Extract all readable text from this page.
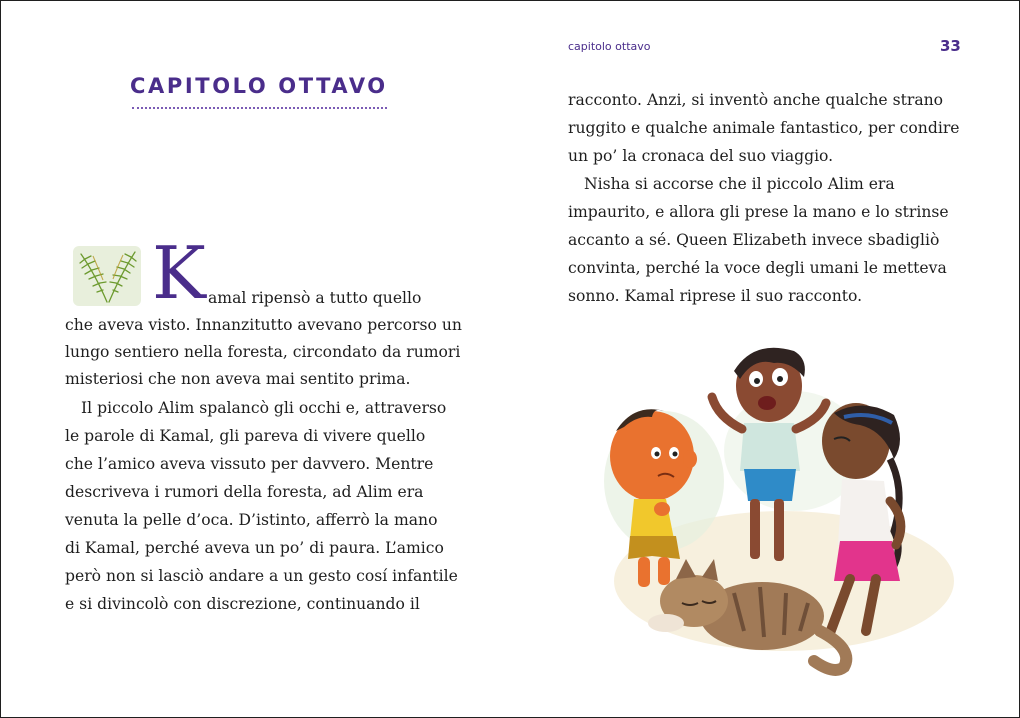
CAPITOLO OTTAVO
K amal ripensò a tutto quello
che aveva visto. Innanzitutto avevano percorso un
lungo sentiero nella foresta, circondato da rumori
misteriosi che non aveva mai sentito prima.
Il piccolo Alim spalancò gli occhi e, attraverso
le parole di Kamal, gli pareva di vivere quello
che l’amico aveva vissuto per davvero. Mentre
descriveva i rumori della foresta, ad Alim era
venuta la pelle d’oca. D’istinto, afferrò la mano
di Kamal, perché aveva un po’ di paura. L’amico
però non si lasciò andare a un gesto cosí infantile
e si divincolò con discrezione, continuando il
capitolo ottavo	33
racconto. Anzi, si inventò anche qualche strano
ruggito e qualche animale fantastico, per condire
un po’ la cronaca del suo viaggio.
Nisha si accorse che il piccolo Alim era
impaurito, e allora gli prese la mano e lo strinse
accanto a sé. Queen Elizabeth invece sbadigliò
convinta, perché la voce degli umani le metteva
sonno. Kamal riprese il suo racconto.
